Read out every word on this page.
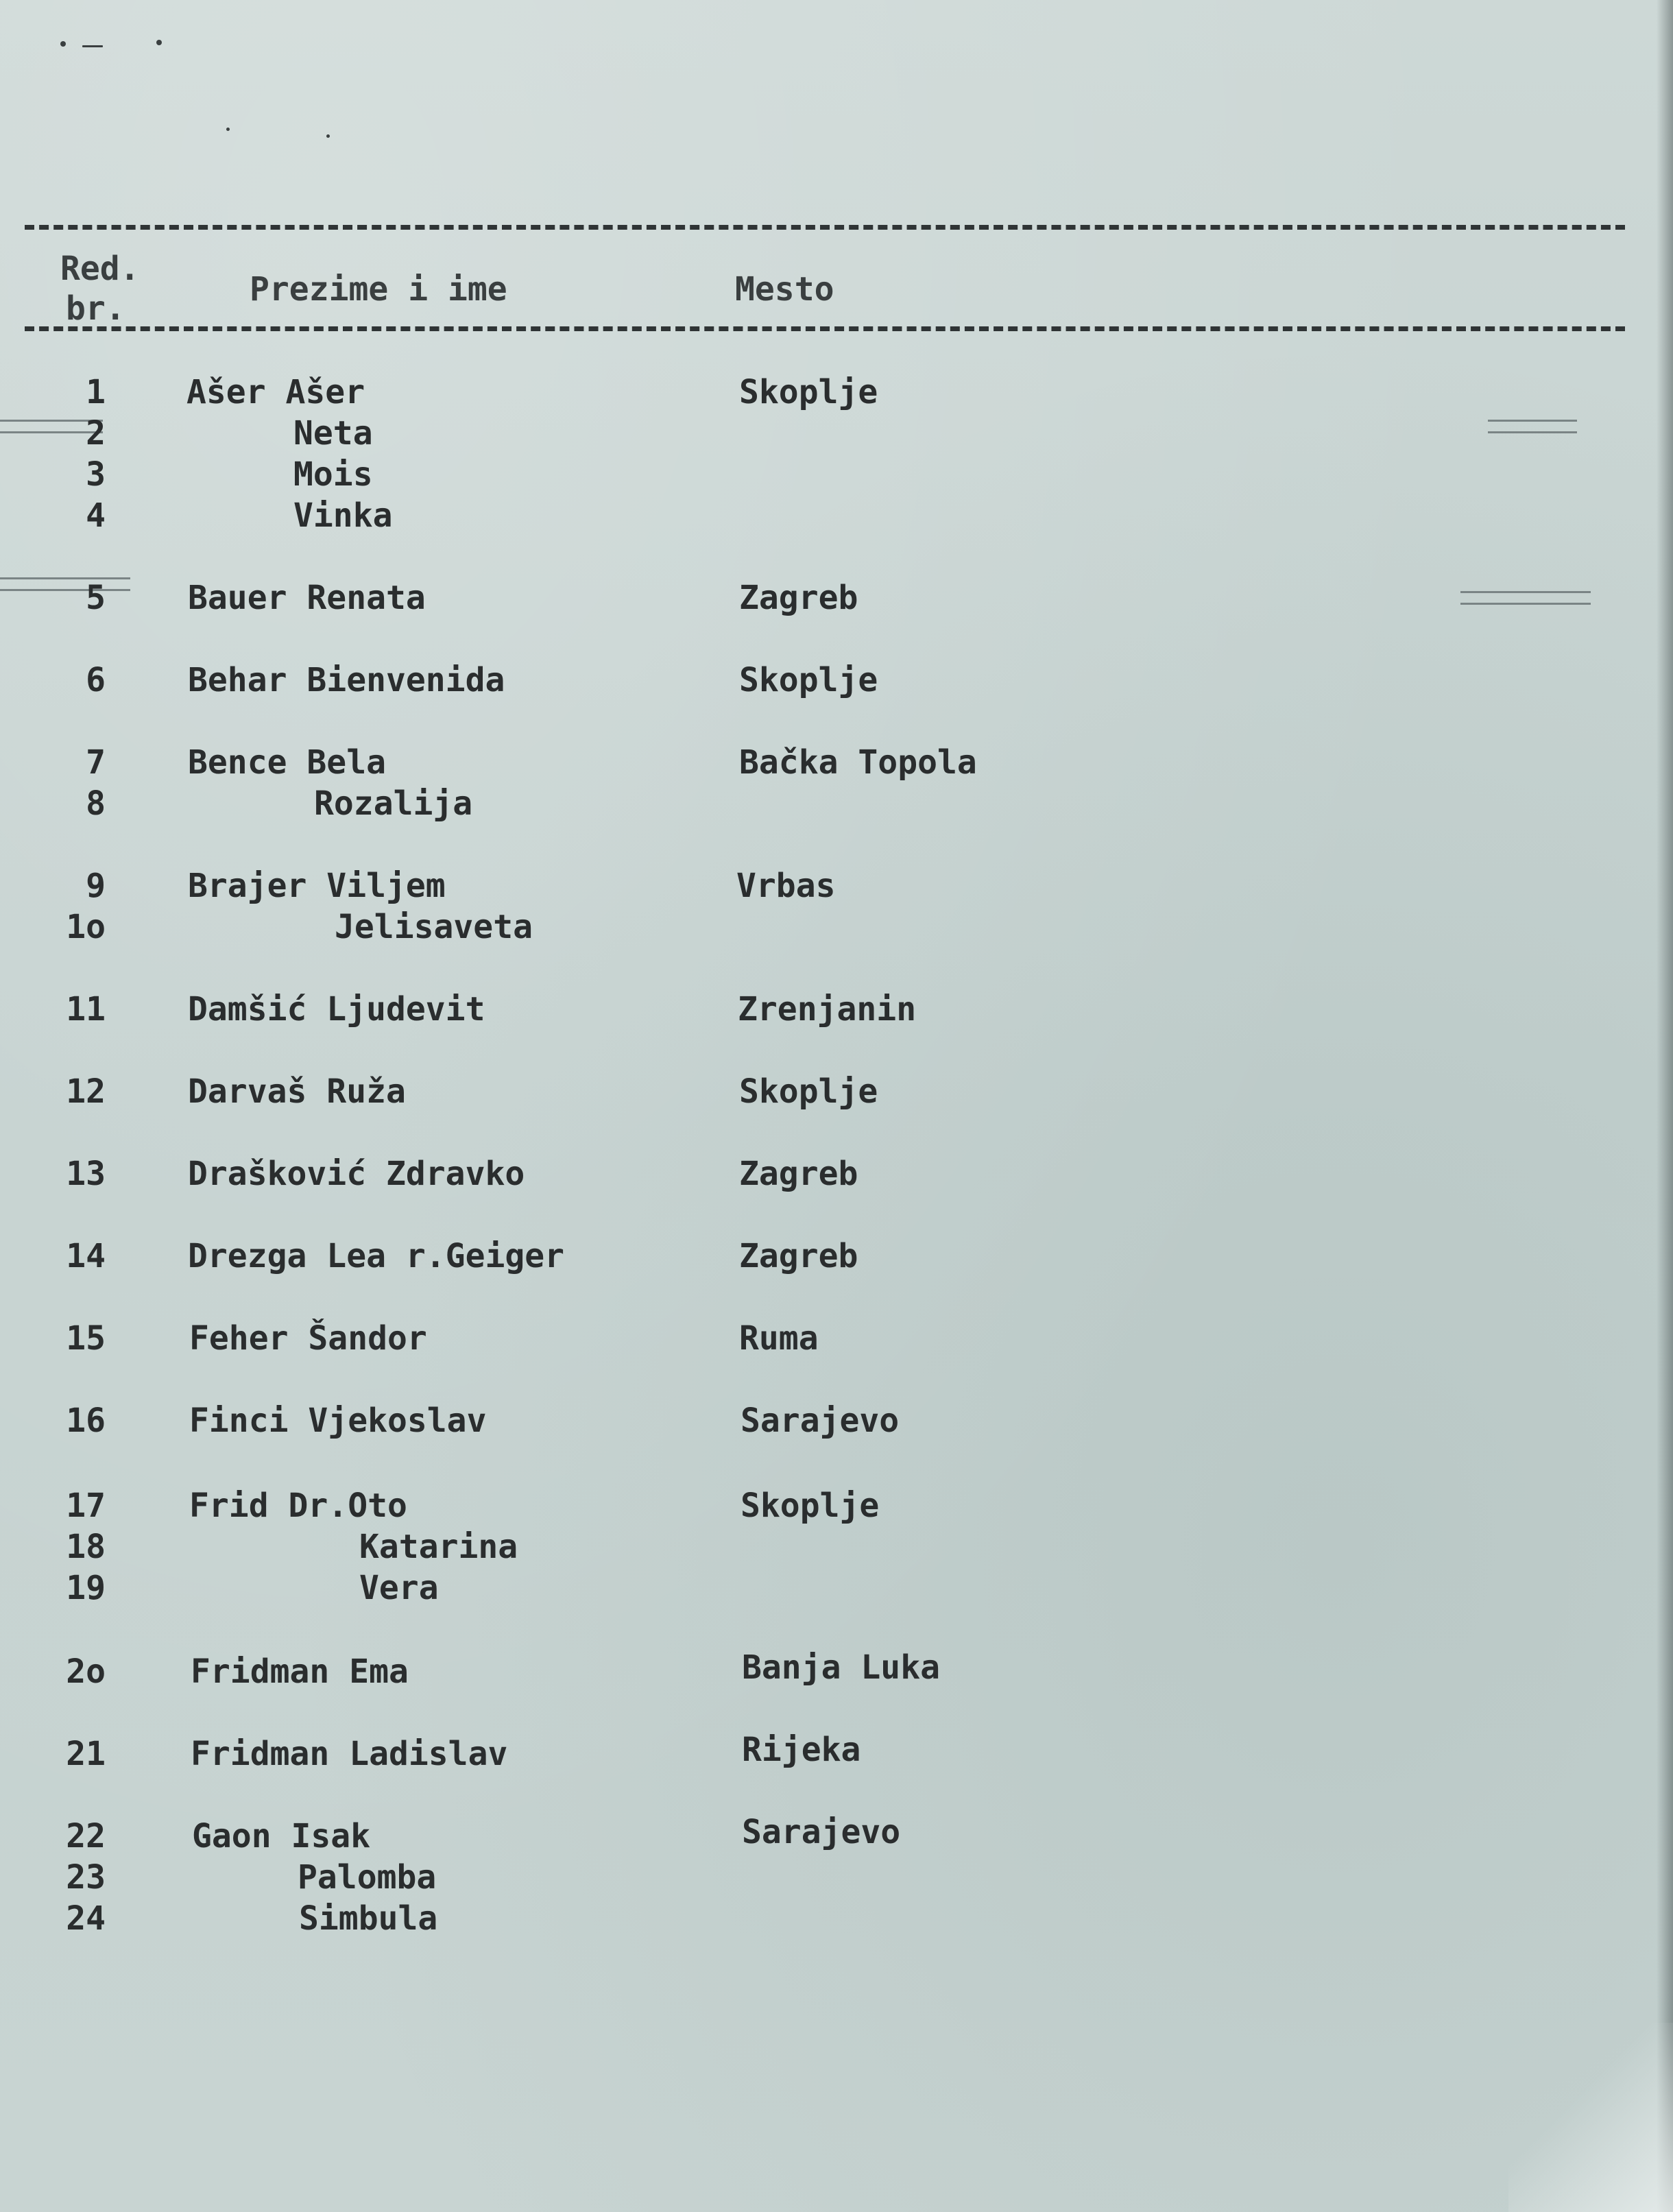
Red.
br.	Prezime i ime	Mesto
1 Ašer Ašer	Skoplje
2	Neta
3	Mois
4	Vinka
5	Bauer Renata	Zagreb
6	Behar Bienvenida	Skoplje
7	Bence Bela	Bačka Topola
8	Rozalija
9	Brajer Viljem	Vrbas
1o	Jelisaveta
11	Damšić Ljudevit	Zrenjanin
12	Darvaš Ruža	Skoplje
13	Drašković Zdravko	Zagreb
14	Drezga Lea r.Geiger	Zagreb
15	Feher Šandor	Ruma
16	Finci Vjekoslav	Sarajevo
17	Frid Dr.Oto	Skoplje
18	Katarina
19	Vera
2o	Fridman Ema	Banja Luka
21	Fridman Ladislav	Rijeka
22	Gaon Isak	Sarajevo
23	Palomba
24	Simbula
